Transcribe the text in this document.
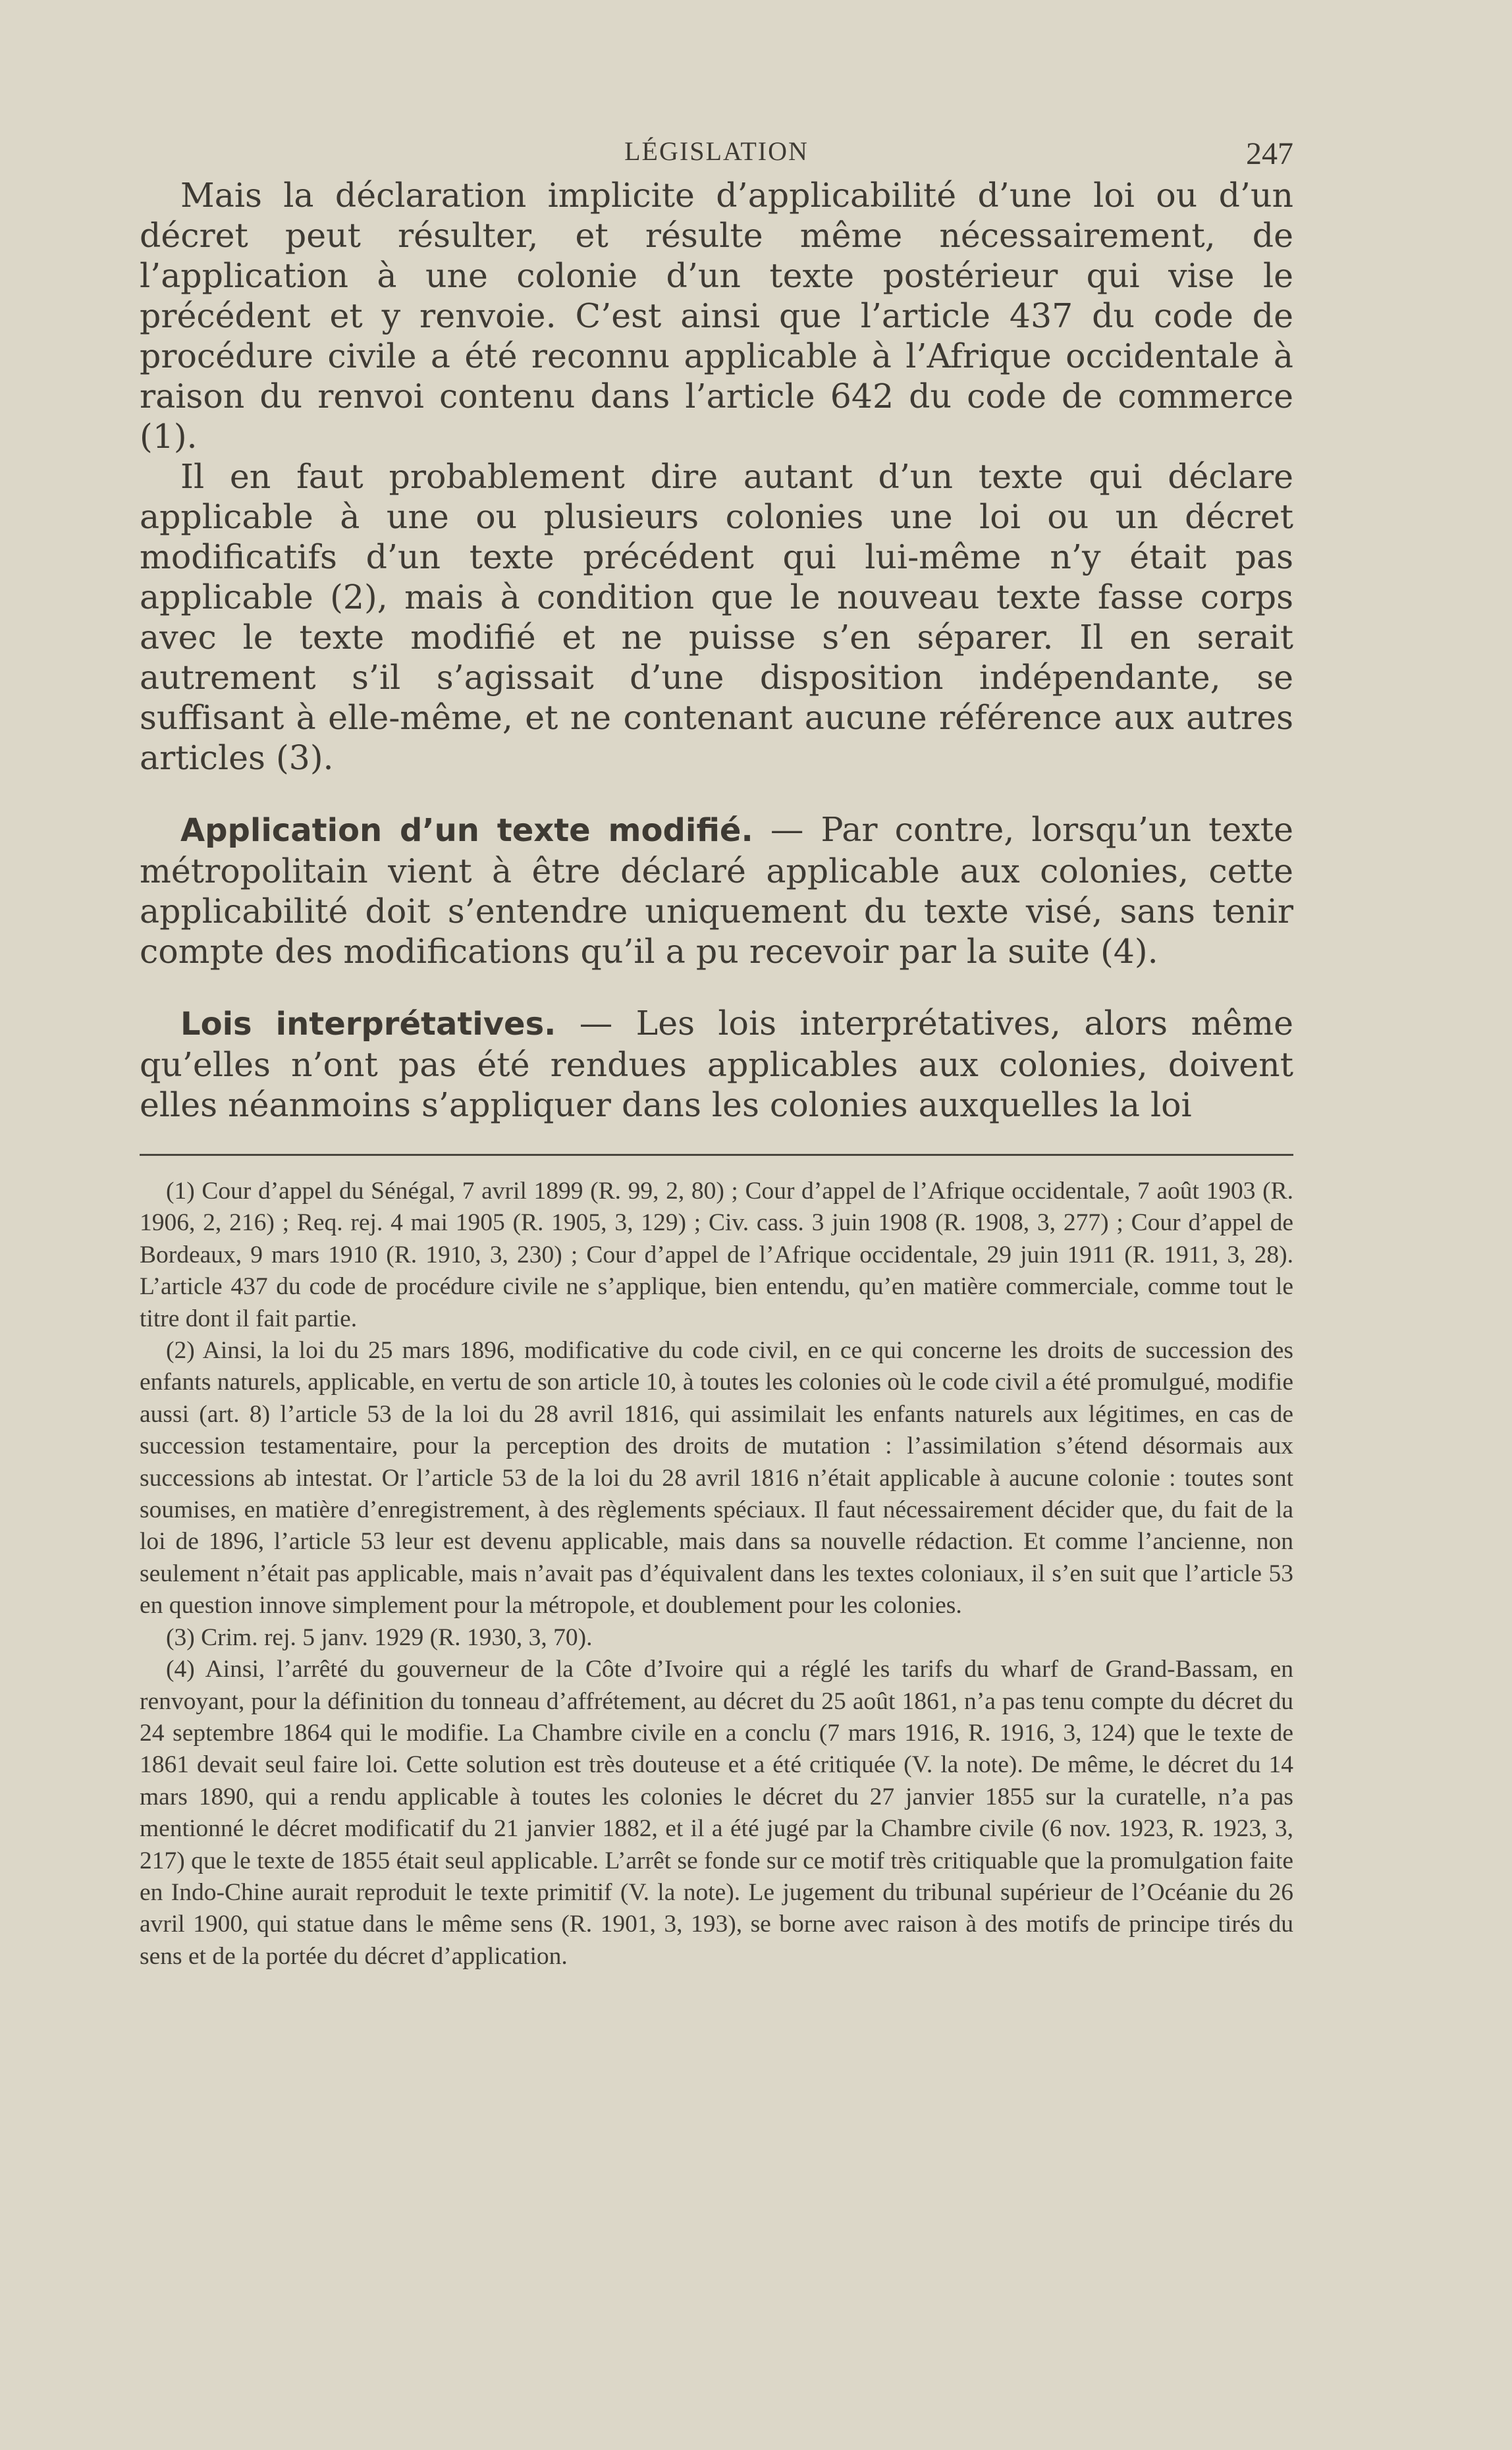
LÉGISLATION	247

Mais la déclaration implicite d’applicabilité d’une loi ou d’un décret peut résulter, et résulte même nécessairement, de l’application à une colonie d’un texte postérieur qui vise le précédent et y renvoie. C’est ainsi que l’article 437 du code de procédure civile a été reconnu applicable à l’Afrique occidentale à raison du renvoi contenu dans l’article 642 du code de commerce (1).

Il en faut probablement dire autant d’un texte qui déclare applicable à une ou plusieurs colonies une loi ou un décret modificatifs d’un texte précédent qui lui-même n’y était pas applicable (2), mais à condition que le nouveau texte fasse corps avec le texte modifié et ne puisse s’en séparer. Il en serait autrement s’il s’agissait d’une disposition indépendante, se suffisant à elle-même, et ne contenant aucune référence aux autres articles (3).

Application d’un texte modifié. — Par contre, lorsqu’un texte métropolitain vient à être déclaré applicable aux colonies, cette applicabilité doit s’entendre uniquement du texte visé, sans tenir compte des modifications qu’il a pu recevoir par la suite (4).

Lois interprétatives. — Les lois interprétatives, alors même qu’elles n’ont pas été rendues applicables aux colonies, doivent elles néanmoins s’appliquer dans les colonies auxquelles la loi

(1) Cour d’appel du Sénégal, 7 avril 1899 (R. 99, 2, 80) ; Cour d’appel de l’Afrique occidentale, 7 août 1903 (R. 1906, 2, 216) ; Req. rej. 4 mai 1905 (R. 1905, 3, 129) ; Civ. cass. 3 juin 1908 (R. 1908, 3, 277) ; Cour d’appel de Bordeaux, 9 mars 1910 (R. 1910, 3, 230) ; Cour d’appel de l’Afrique occidentale, 29 juin 1911 (R. 1911, 3, 28). L’article 437 du code de procédure civile ne s’applique, bien entendu, qu’en matière commerciale, comme tout le titre dont il fait partie.

(2) Ainsi, la loi du 25 mars 1896, modificative du code civil, en ce qui concerne les droits de succession des enfants naturels, applicable, en vertu de son article 10, à toutes les colonies où le code civil a été promulgué, modifie aussi (art. 8) l’article 53 de la loi du 28 avril 1816, qui assimilait les enfants naturels aux légitimes, en cas de succession testamentaire, pour la perception des droits de mutation : l’assimilation s’étend désormais aux successions ab intestat. Or l’article 53 de la loi du 28 avril 1816 n’était applicable à aucune colonie : toutes sont soumises, en matière d’enregistrement, à des règlements spéciaux. Il faut nécessairement décider que, du fait de la loi de 1896, l’article 53 leur est devenu applicable, mais dans sa nouvelle rédaction. Et comme l’ancienne, non seulement n’était pas applicable, mais n’avait pas d’équivalent dans les textes coloniaux, il s’en suit que l’article 53 en question innove simplement pour la métropole, et doublement pour les colonies.

(3) Crim. rej. 5 janv. 1929 (R. 1930, 3, 70).

(4) Ainsi, l’arrêté du gouverneur de la Côte d’Ivoire qui a réglé les tarifs du wharf de Grand-Bassam, en renvoyant, pour la définition du tonneau d’affrétement, au décret du 25 août 1861, n’a pas tenu compte du décret du 24 septembre 1864 qui le modifie. La Chambre civile en a conclu (7 mars 1916, R. 1916, 3, 124) que le texte de 1861 devait seul faire loi. Cette solution est très douteuse et a été critiquée (V. la note). De même, le décret du 14 mars 1890, qui a rendu applicable à toutes les colonies le décret du 27 janvier 1855 sur la curatelle, n’a pas mentionné le décret modificatif du 21 janvier 1882, et il a été jugé par la Chambre civile (6 nov. 1923, R. 1923, 3, 217) que le texte de 1855 était seul applicable. L’arrêt se fonde sur ce motif très critiquable que la promulgation faite en Indo-Chine aurait reproduit le texte primitif (V. la note). Le jugement du tribunal supérieur de l’Océanie du 26 avril 1900, qui statue dans le même sens (R. 1901, 3, 193), se borne avec raison à des motifs de principe tirés du sens et de la portée du décret d’application.
